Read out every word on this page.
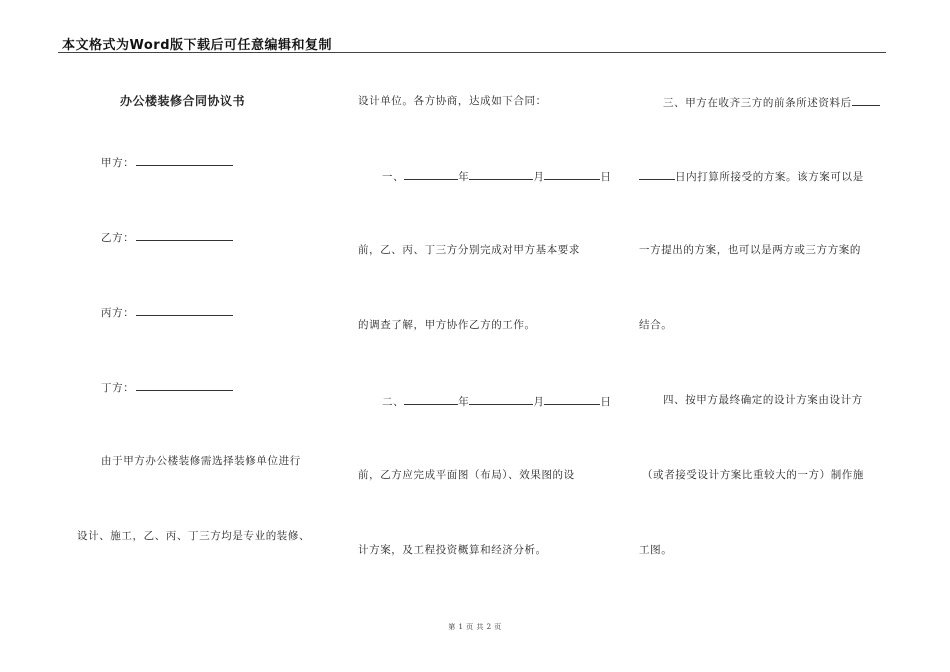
本文格式为Word版下载后可任意编辑和复制
办公楼装修合同协议书
甲方：
乙方：
丙方：
丁方：
由于甲方办公楼装修需选择装修单位进行
设计、施工，乙、丙、丁三方均是专业的装修、
设计单位。各方协商，达成如下合同：
一、	年	月	日
前，乙、丙、丁三方分别完成对甲方基本要求
的调查了解，甲方协作乙方的工作。
二、	年	月	日
前，乙方应完成平面图（布局）、效果图的设
计方案，及工程投资概算和经济分析。
三、甲方在收齐三方的前条所述资料后
日内打算所接受的方案。该方案可以是
一方提出的方案，也可以是两方或三方方案的
结合。
四、按甲方最终确定的设计方案由设计方
（或者接受设计方案比重较大的一方）制作施
工图。
第 1 页 共 2 页
